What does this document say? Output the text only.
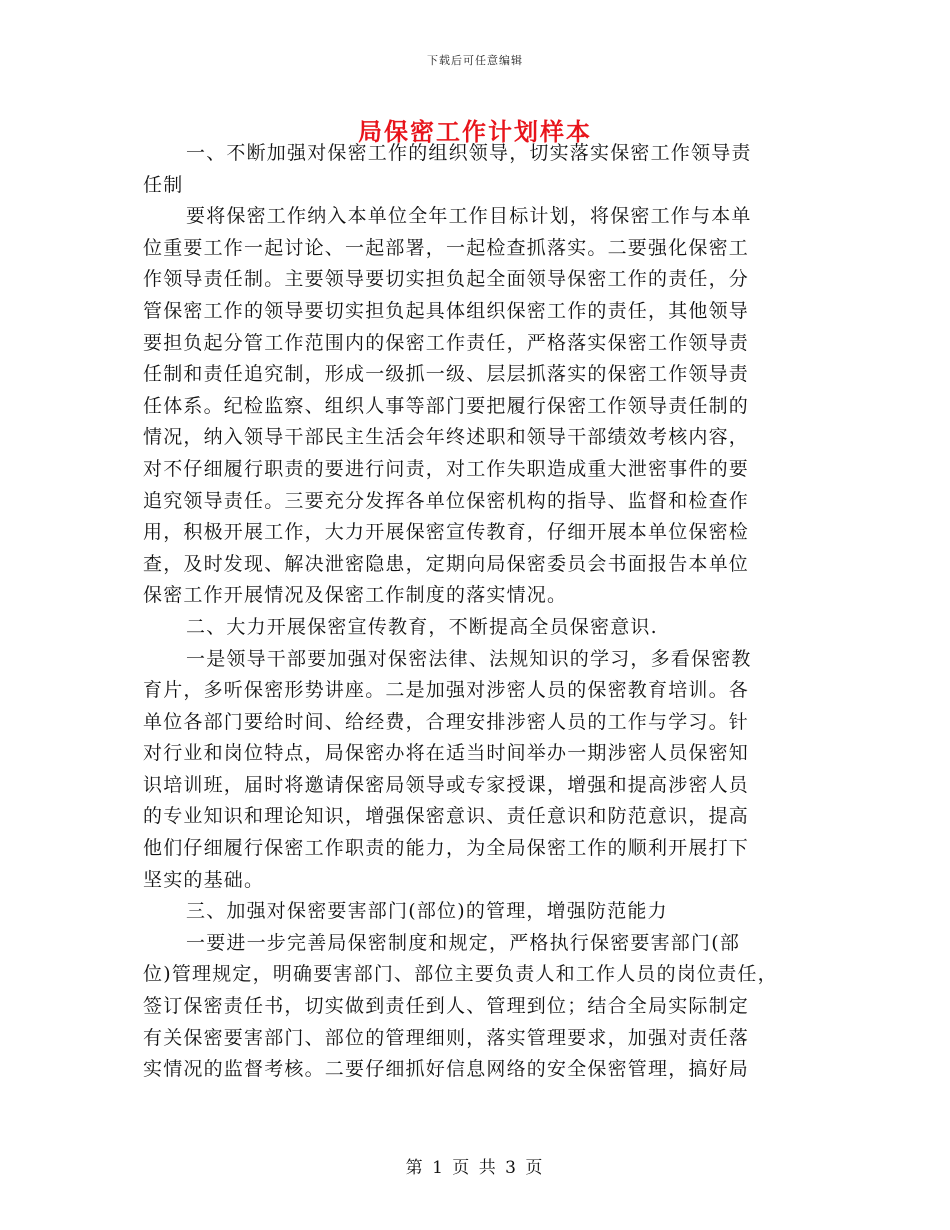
下载后可任意编辑
局保密工作计划样本
一、不断加强对保密工作的组织领导，切实落实保密工作领导责
任制
要将保密工作纳入本单位全年工作目标计划，将保密工作与本单
位重要工作一起讨论、一起部署，一起检查抓落实。二要强化保密工
作领导责任制。主要领导要切实担负起全面领导保密工作的责任，分
管保密工作的领导要切实担负起具体组织保密工作的责任，其他领导
要担负起分管工作范围内的保密工作责任，严格落实保密工作领导责
任制和责任追究制，形成一级抓一级、层层抓落实的保密工作领导责
任体系。纪检监察、组织人事等部门要把履行保密工作领导责任制的
情况，纳入领导干部民主生活会年终述职和领导干部绩效考核内容，
对不仔细履行职责的要进行问责，对工作失职造成重大泄密事件的要
追究领导责任。三要充分发挥各单位保密机构的指导、监督和检查作
用，积极开展工作，大力开展保密宣传教育，仔细开展本单位保密检
查，及时发现、解决泄密隐患，定期向局保密委员会书面报告本单位
保密工作开展情况及保密工作制度的落实情况。
二、大力开展保密宣传教育，不断提高全员保密意识.
一是领导干部要加强对保密法律、法规知识的学习，多看保密教
育片，多听保密形势讲座。二是加强对涉密人员的保密教育培训。各
单位各部门要给时间、给经费，合理安排涉密人员的工作与学习。针
对行业和岗位特点，局保密办将在适当时间举办一期涉密人员保密知
识培训班，届时将邀请保密局领导或专家授课，增强和提高涉密人员
的专业知识和理论知识，增强保密意识、责任意识和防范意识，提高
他们仔细履行保密工作职责的能力，为全局保密工作的顺利开展打下
坚实的基础。
三、加强对保密要害部门(部位)的管理，增强防范能力
一要进一步完善局保密制度和规定，严格执行保密要害部门(部
位)管理规定，明确要害部门、部位主要负责人和工作人员的岗位责任，
签订保密责任书，切实做到责任到人、管理到位；结合全局实际制定
有关保密要害部门、部位的管理细则，落实管理要求，加强对责任落
实情况的监督考核。二要仔细抓好信息网络的安全保密管理，搞好局
第 1 页 共 3 页
